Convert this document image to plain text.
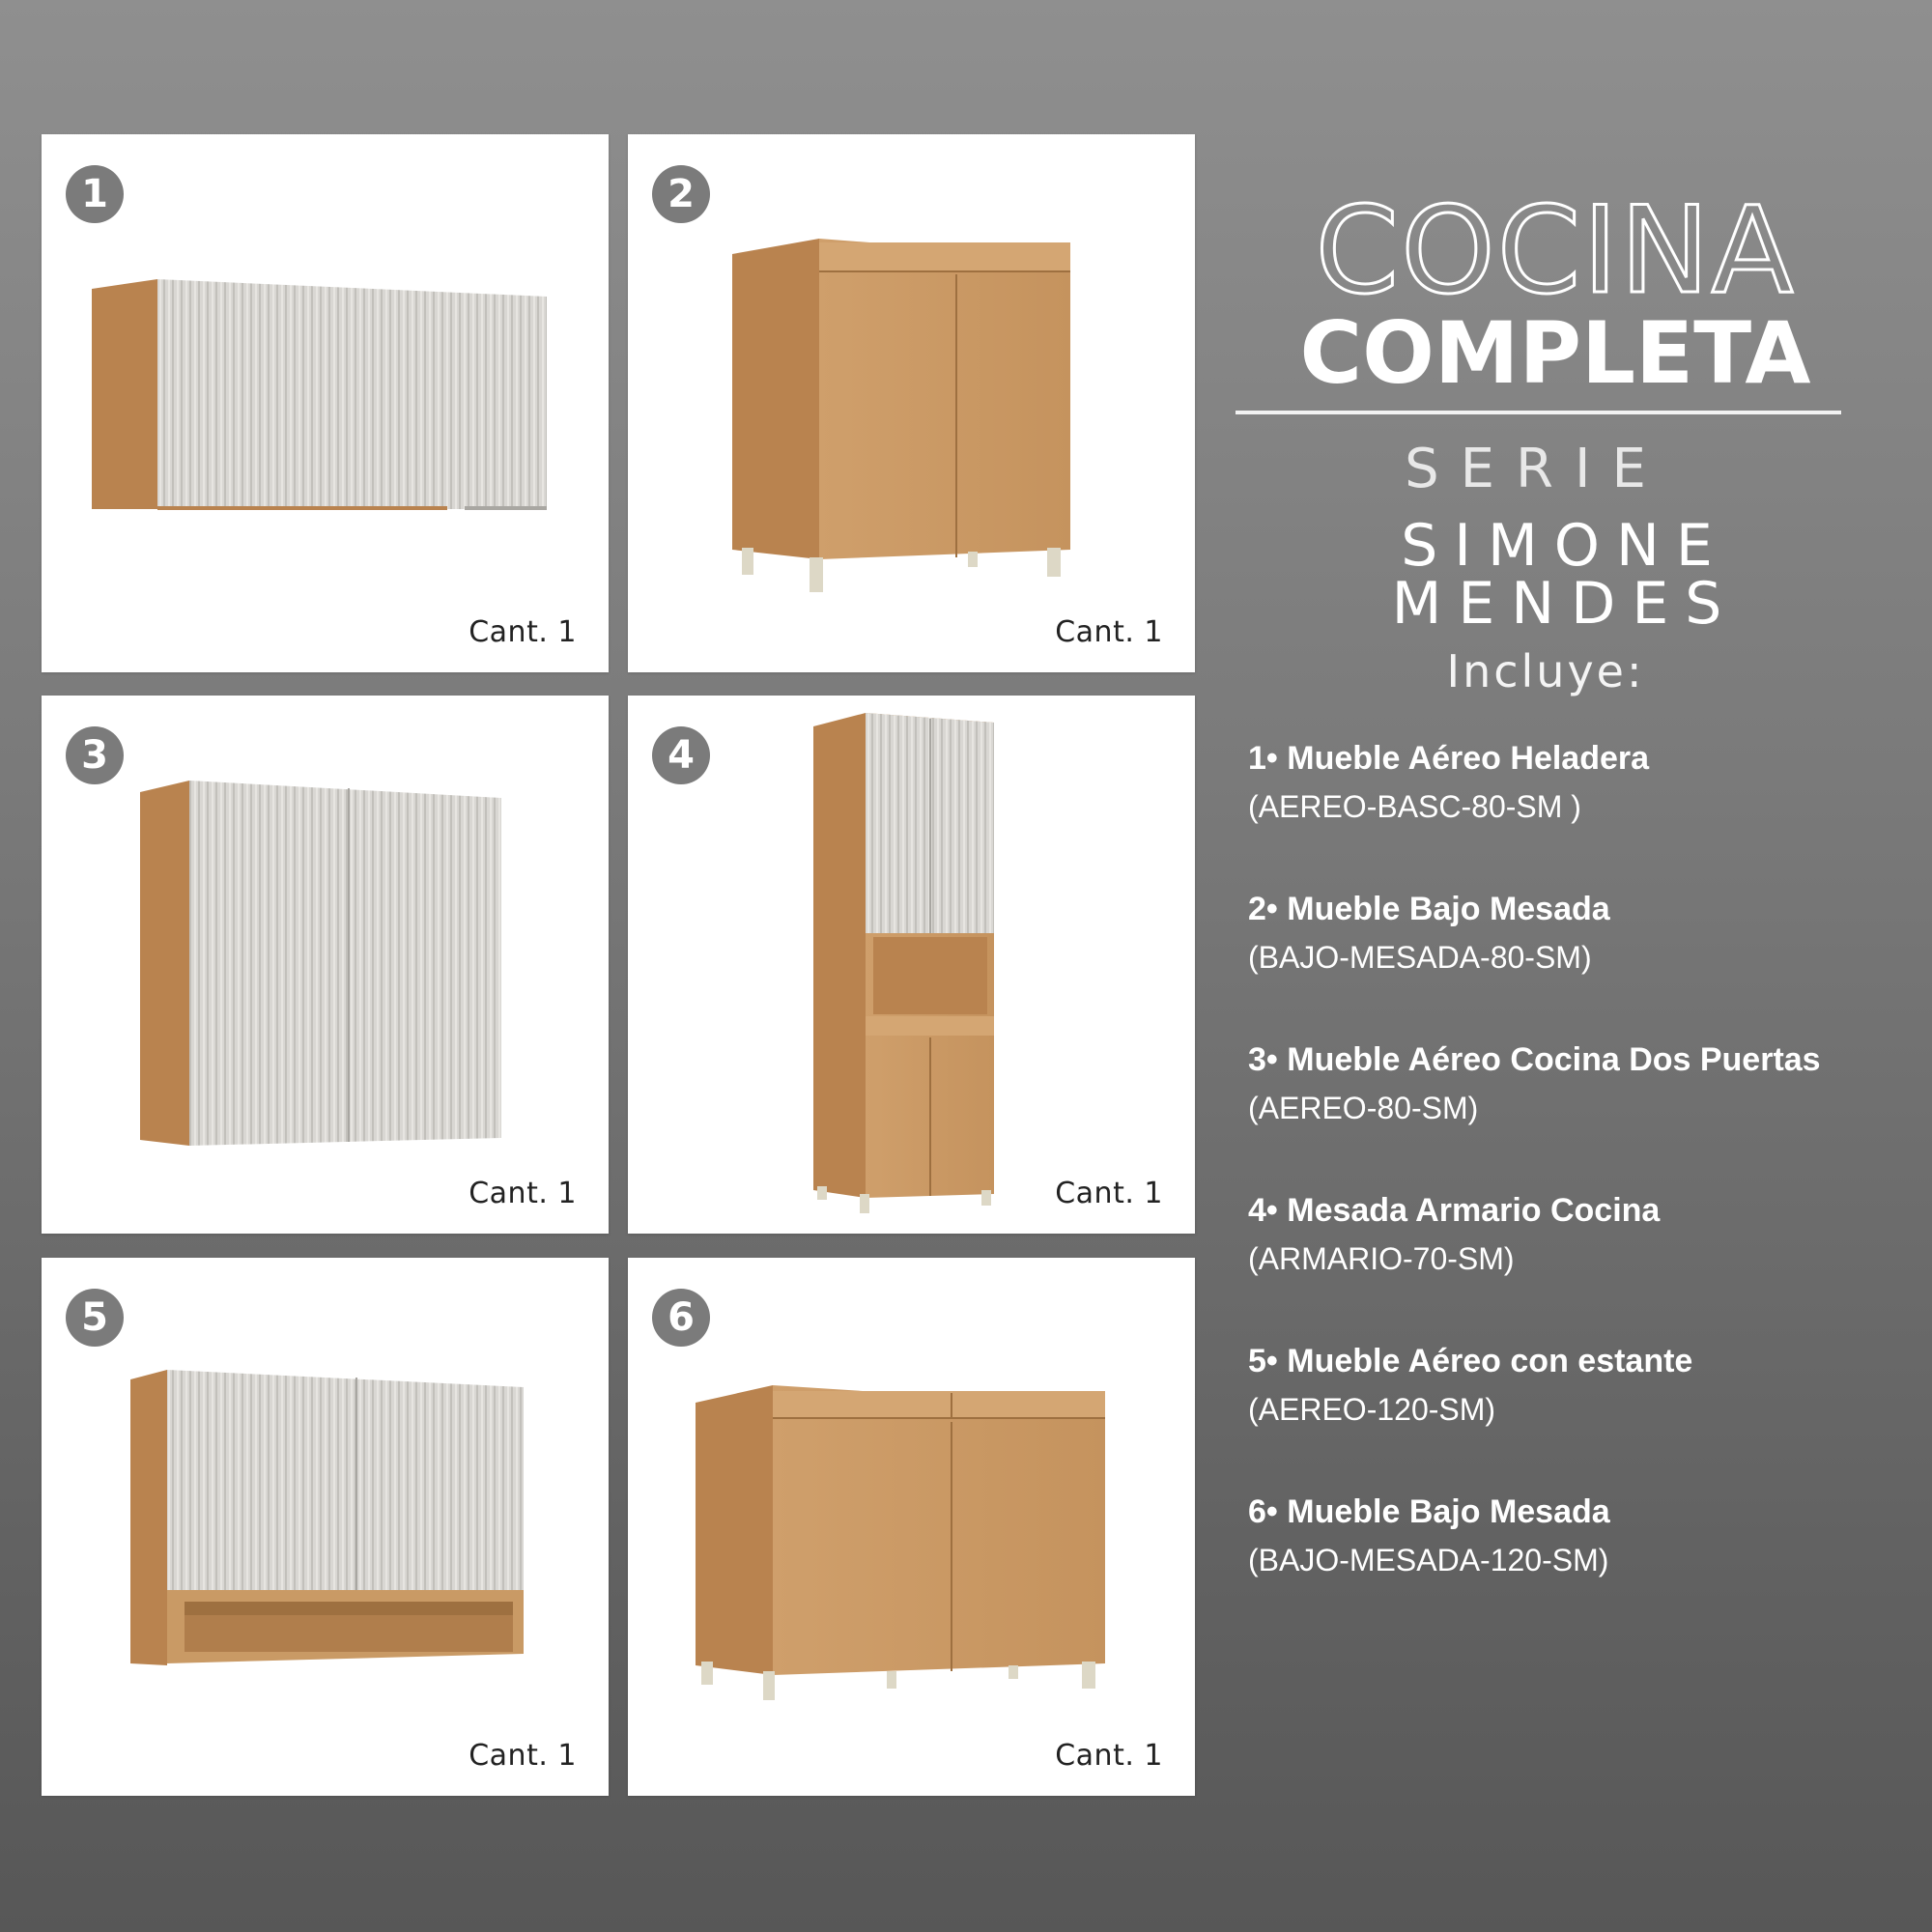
1
Cant. 1
2
Cant. 1
3
Cant. 1
4
Cant. 1
5
Cant. 1
6
Cant. 1
COCINA
COMPLETA
SERIE
SIMONE MENDES
Incluye:
1• Mueble Aéreo Heladera
(AEREO-BASC-80-SM )
2• Mueble Bajo Mesada
(BAJO-MESADA-80-SM)
3• Mueble Aéreo Cocina Dos Puertas
(AEREO-80-SM)
4• Mesada Armario Cocina
(ARMARIO-70-SM)
5• Mueble Aéreo con estante
(AEREO-120-SM)
6• Mueble Bajo Mesada
(BAJO-MESADA-120-SM)
